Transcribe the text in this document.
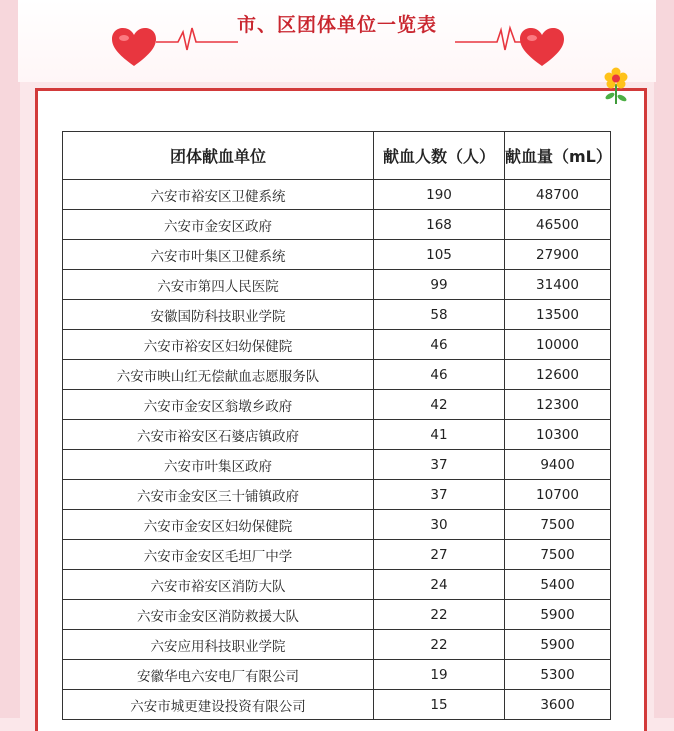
市、区团体单位一览表
团体献血单位	献血人数（人）	献血量（mL）
六安市裕安区卫健系统	190	48700
六安市金安区政府	168	46500
六安市叶集区卫健系统	105	27900
六安市第四人民医院	99	31400
安徽国防科技职业学院	58	13500
六安市裕安区妇幼保健院	46	10000
六安市映山红无偿献血志愿服务队	46	12600
六安市金安区翁墩乡政府	42	12300
六安市裕安区石婆店镇政府	41	10300
六安市叶集区政府	37	9400
六安市金安区三十铺镇政府	37	10700
六安市金安区妇幼保健院	30	7500
六安市金安区毛坦厂中学	27	7500
六安市裕安区消防大队	24	5400
六安市金安区消防救援大队	22	5900
六安应用科技职业学院	22	5900
安徽华电六安电厂有限公司	19	5300
六安市城更建设投资有限公司	15	3600
